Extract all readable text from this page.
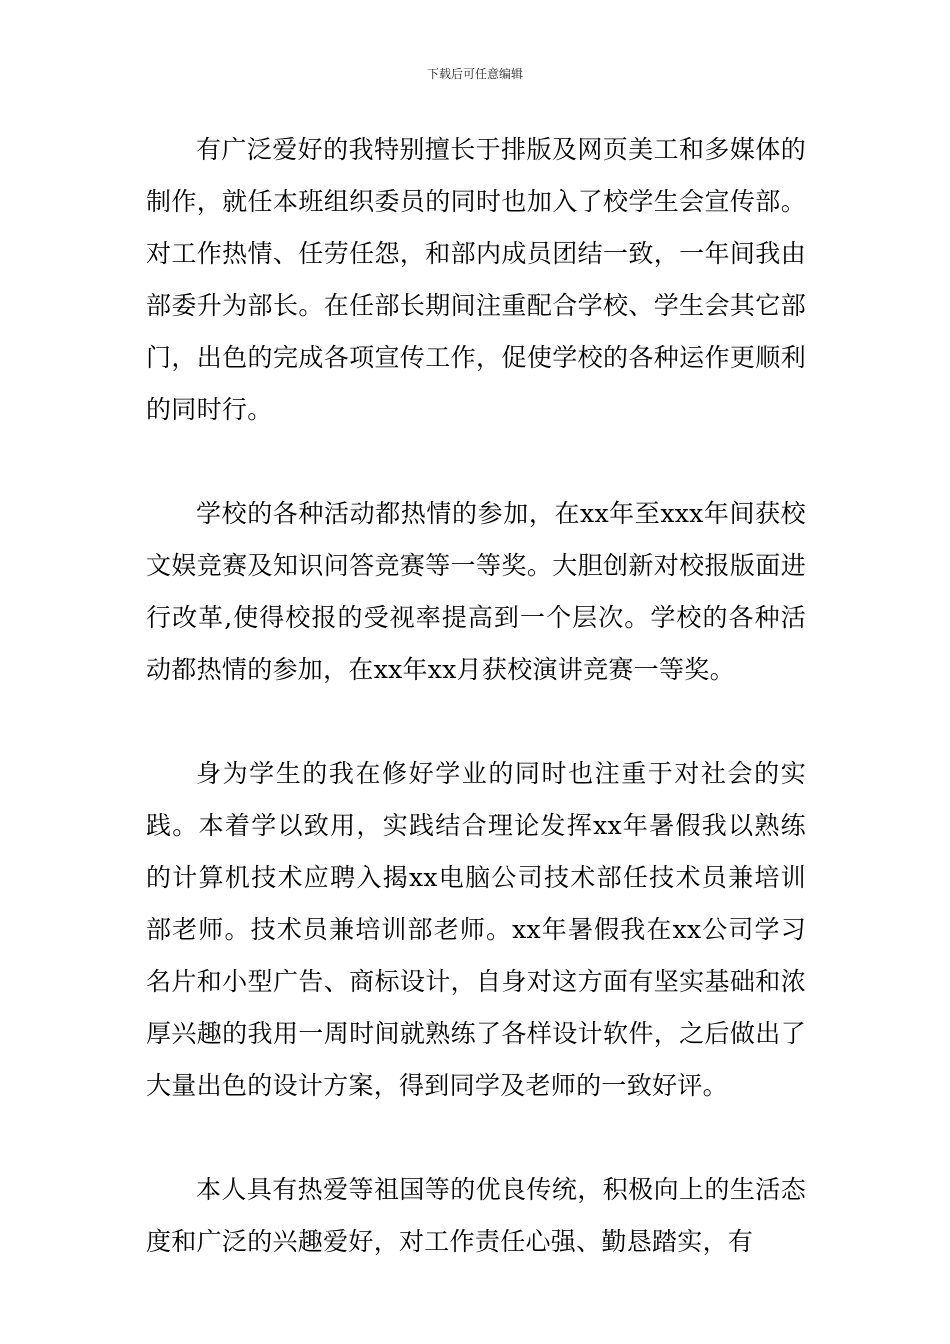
下载后可任意编辑

有广泛爱好的我特别擅长于排版及网页美工和多媒体的制作，就任本班组织委员的同时也加入了校学生会宣传部。对工作热情、任劳任怨，和部内成员团结一致，一年间我由部委升为部长。在任部长期间注重配合学校、学生会其它部门，出色的完成各项宣传工作，促使学校的各种运作更顺利的同时行。

学校的各种活动都热情的参加，在xx年至xxx年间获校文娱竞赛及知识问答竞赛等一等奖。大胆创新对校报版面进行改革,使得校报的受视率提高到一个层次。学校的各种活动都热情的参加，在xx年xx月获校演讲竞赛一等奖。

身为学生的我在修好学业的同时也注重于对社会的实践。本着学以致用，实践结合理论发挥xx年暑假我以熟练的计算机技术应聘入揭xx电脑公司技术部任技术员兼培训部老师。技术员兼培训部老师。xx年暑假我在xx公司学习名片和小型广告、商标设计，自身对这方面有坚实基础和浓厚兴趣的我用一周时间就熟练了各样设计软件，之后做出了大量出色的设计方案，得到同学及老师的一致好评。

本人具有热爱等祖国等的优良传统，积极向上的生活态度和广泛的兴趣爱好，对工作责任心强、勤恳踏实，有
